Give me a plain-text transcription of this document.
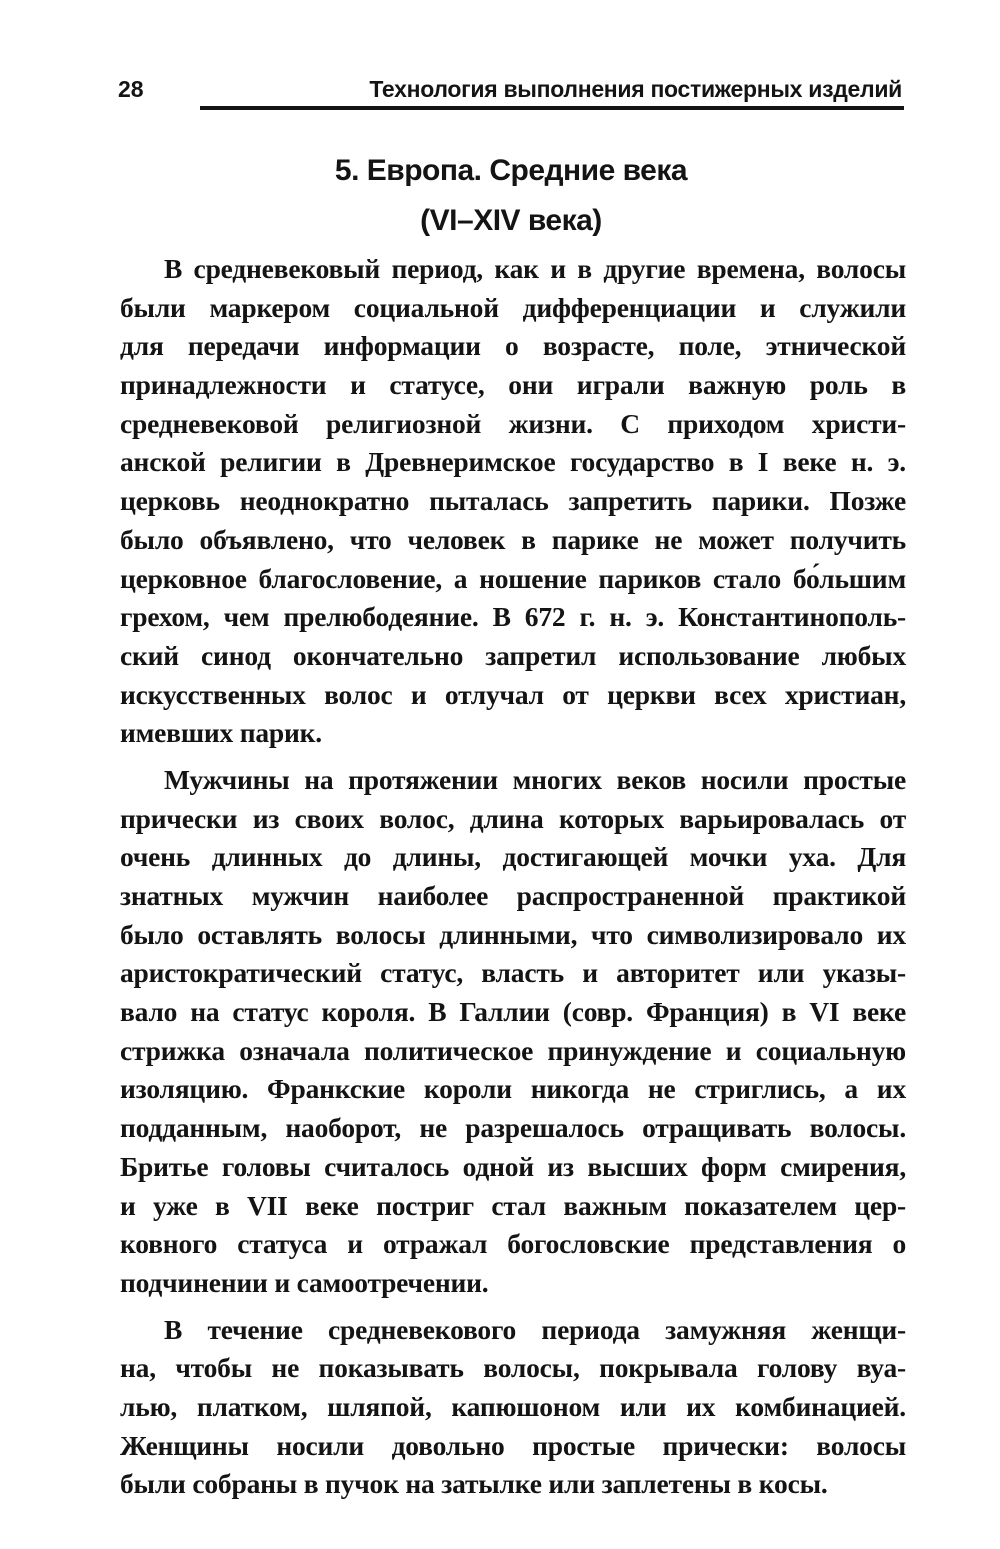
28	Технология выполнения постижерных изделий
5. Европа. Средние века
(VI–XIV века)
В средневековый период, как и в другие времена, волосы
были маркером социальной дифференциации и служили
для передачи информации о возрасте, поле, этнической
принадлежности и статусе, они играли важную роль в
средневековой религиозной жизни. С приходом христи-
анской религии в Древнеримское государство в I веке н. э.
церковь неоднократно пыталась запретить парики. Позже
было объявлено, что человек в парике не может получить
церковное благословение, а ношение париков стало бо́льшим
грехом, чем прелюбодеяние. В 672 г. н. э. Константинополь-
ский синод окончательно запретил использование любых
искусственных волос и отлучал от церкви всех христиан,
имевших парик.
Мужчины на протяжении многих веков носили простые
прически из своих волос, длина которых варьировалась от
очень длинных до длины, достигающей мочки уха. Для
знатных мужчин наиболее распространенной практикой
было оставлять волосы длинными, что символизировало их
аристократический статус, власть и авторитет или указы-
вало на статус короля. В Галлии (совр. Франция) в VI веке
стрижка означала политическое принуждение и социальную
изоляцию. Франкские короли никогда не стриглись, а их
подданным, наоборот, не разрешалось отращивать волосы.
Бритье головы считалось одной из высших форм смирения,
и уже в VII веке постриг стал важным показателем цер-
ковного статуса и отражал богословские представления о
подчинении и самоотречении.
В течение средневекового периода замужняя женщи-
на, чтобы не показывать волосы, покрывала голову вуа-
лью, платком, шляпой, капюшоном или их комбинацией.
Женщины носили довольно простые прически: волосы
были собраны в пучок на затылке или заплетены в косы.
